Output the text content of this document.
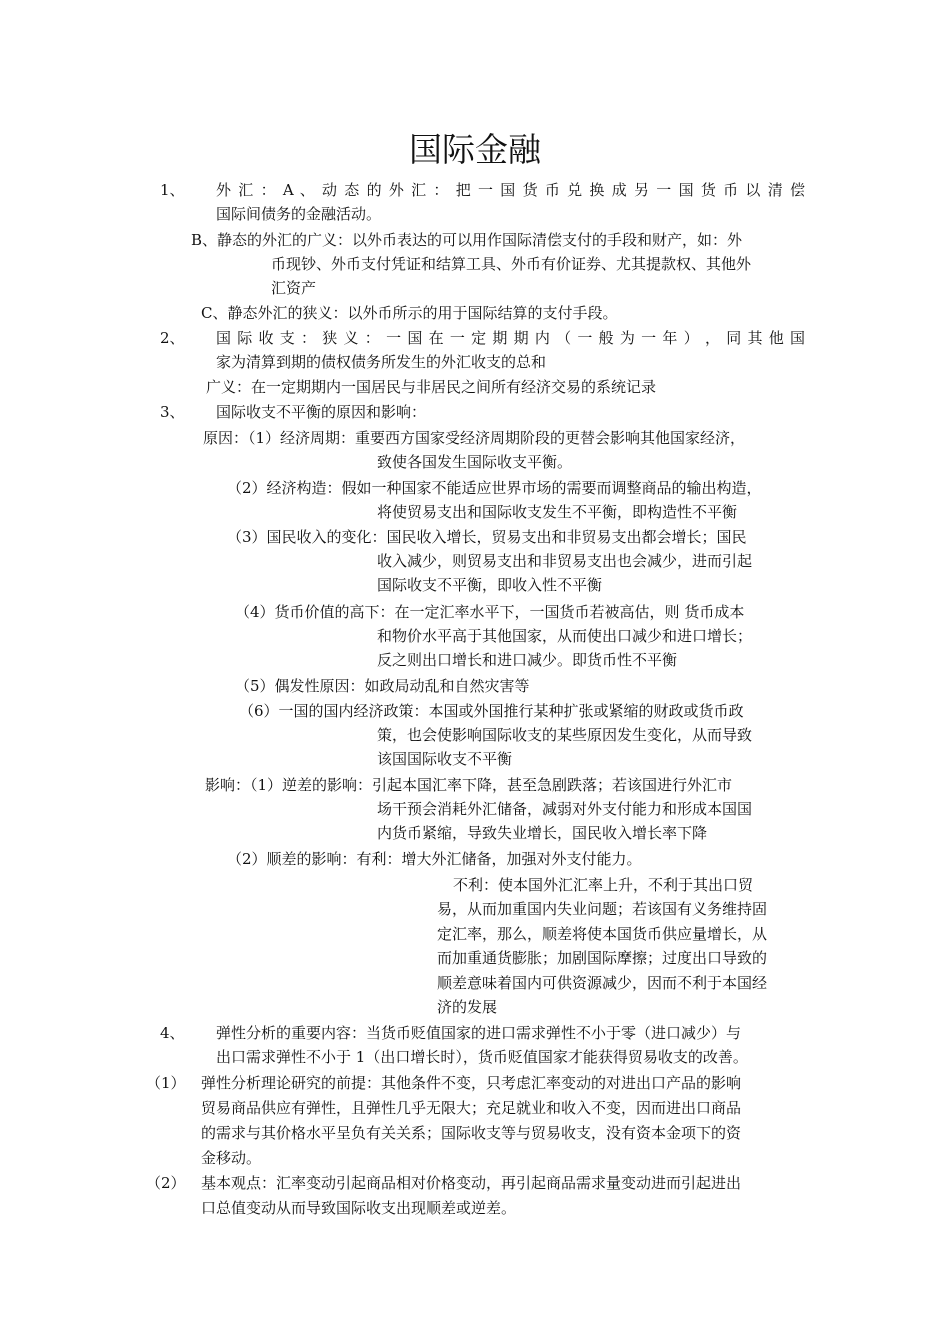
国际金融
1、 外 汇 ： A 、 动 态 的 外 汇 ： 把 一 国 货 币 兑 换 成 另 一 国 货 币 以 清 偿
国际间债务的金融活动。
B、静态的外汇的广义：以外币表达的可以用作国际清偿支付的手段和财产，如：外
币现钞、外币支付凭证和结算工具、外币有价证券、尤其提款权、其他外
汇资产
C、静态外汇的狭义：以外币所示的用于国际结算的支付手段。
2、 国 际 收 支 ： 狭 义 ： 一 国 在 一 定 期 期 内 （ 一 般 为 一 年 ） ， 同 其 他 国
家为清算到期的债权债务所发生的外汇收支的总和
广义：在一定期期内一国居民与非居民之间所有经济交易的系统记录
3、 国际收支不平衡的原因和影响：
原因：（1）经济周期：重要西方国家受经济周期阶段的更替会影响其他国家经济，
致使各国发生国际收支平衡。
（2）经济构造：假如一种国家不能适应世界市场的需要而调整商品的输出构造，
将使贸易支出和国际收支发生不平衡，即构造性不平衡
（3）国民收入的变化：国民收入增长，贸易支出和非贸易支出都会增长；国民
收入减少，则贸易支出和非贸易支出也会减少，进而引起
国际收支不平衡，即收入性不平衡
（4）货币价值的高下：在一定汇率水平下，一国货币若被高估，则 货币成本
和物价水平高于其他国家，从而使出口减少和进口增长；
反之则出口增长和进口减少。即货币性不平衡
（5）偶发性原因：如政局动乱和自然灾害等
（6）一国的国内经济政策：本国或外国推行某种扩张或紧缩的财政或货币政
策，也会使影响国际收支的某些原因发生变化，从而导致
该国国际收支不平衡
影响：（1）逆差的影响：引起本国汇率下降，甚至急剧跌落；若该国进行外汇市
场干预会消耗外汇储备，减弱对外支付能力和形成本国国
内货币紧缩，导致失业增长，国民收入增长率下降
（2）顺差的影响：有利：增大外汇储备，加强对外支付能力。
不利：使本国外汇汇率上升，不利于其出口贸
易，从而加重国内失业问题；若该国有义务维持固
定汇率，那么，顺差将使本国货币供应量增长，从
而加重通货膨胀；加剧国际摩擦；过度出口导致的
顺差意味着国内可供资源减少，因而不利于本国经
济的发展
4、 弹性分析的重要内容：当货币贬值国家的进口需求弹性不小于零（进口减少）与
出口需求弹性不小于 1（出口增长时），货币贬值国家才能获得贸易收支的改善。
（1） 弹性分析理论研究的前提：其他条件不变，只考虑汇率变动的对进出口产品的影响
贸易商品供应有弹性，且弹性几乎无限大；充足就业和收入不变，因而进出口商品
的需求与其价格水平呈负有关关系；国际收支等与贸易收支，没有资本金项下的资
金移动。
（2） 基本观点：汇率变动引起商品相对价格变动，再引起商品需求量变动进而引起进出
口总值变动从而导致国际收支出现顺差或逆差。
